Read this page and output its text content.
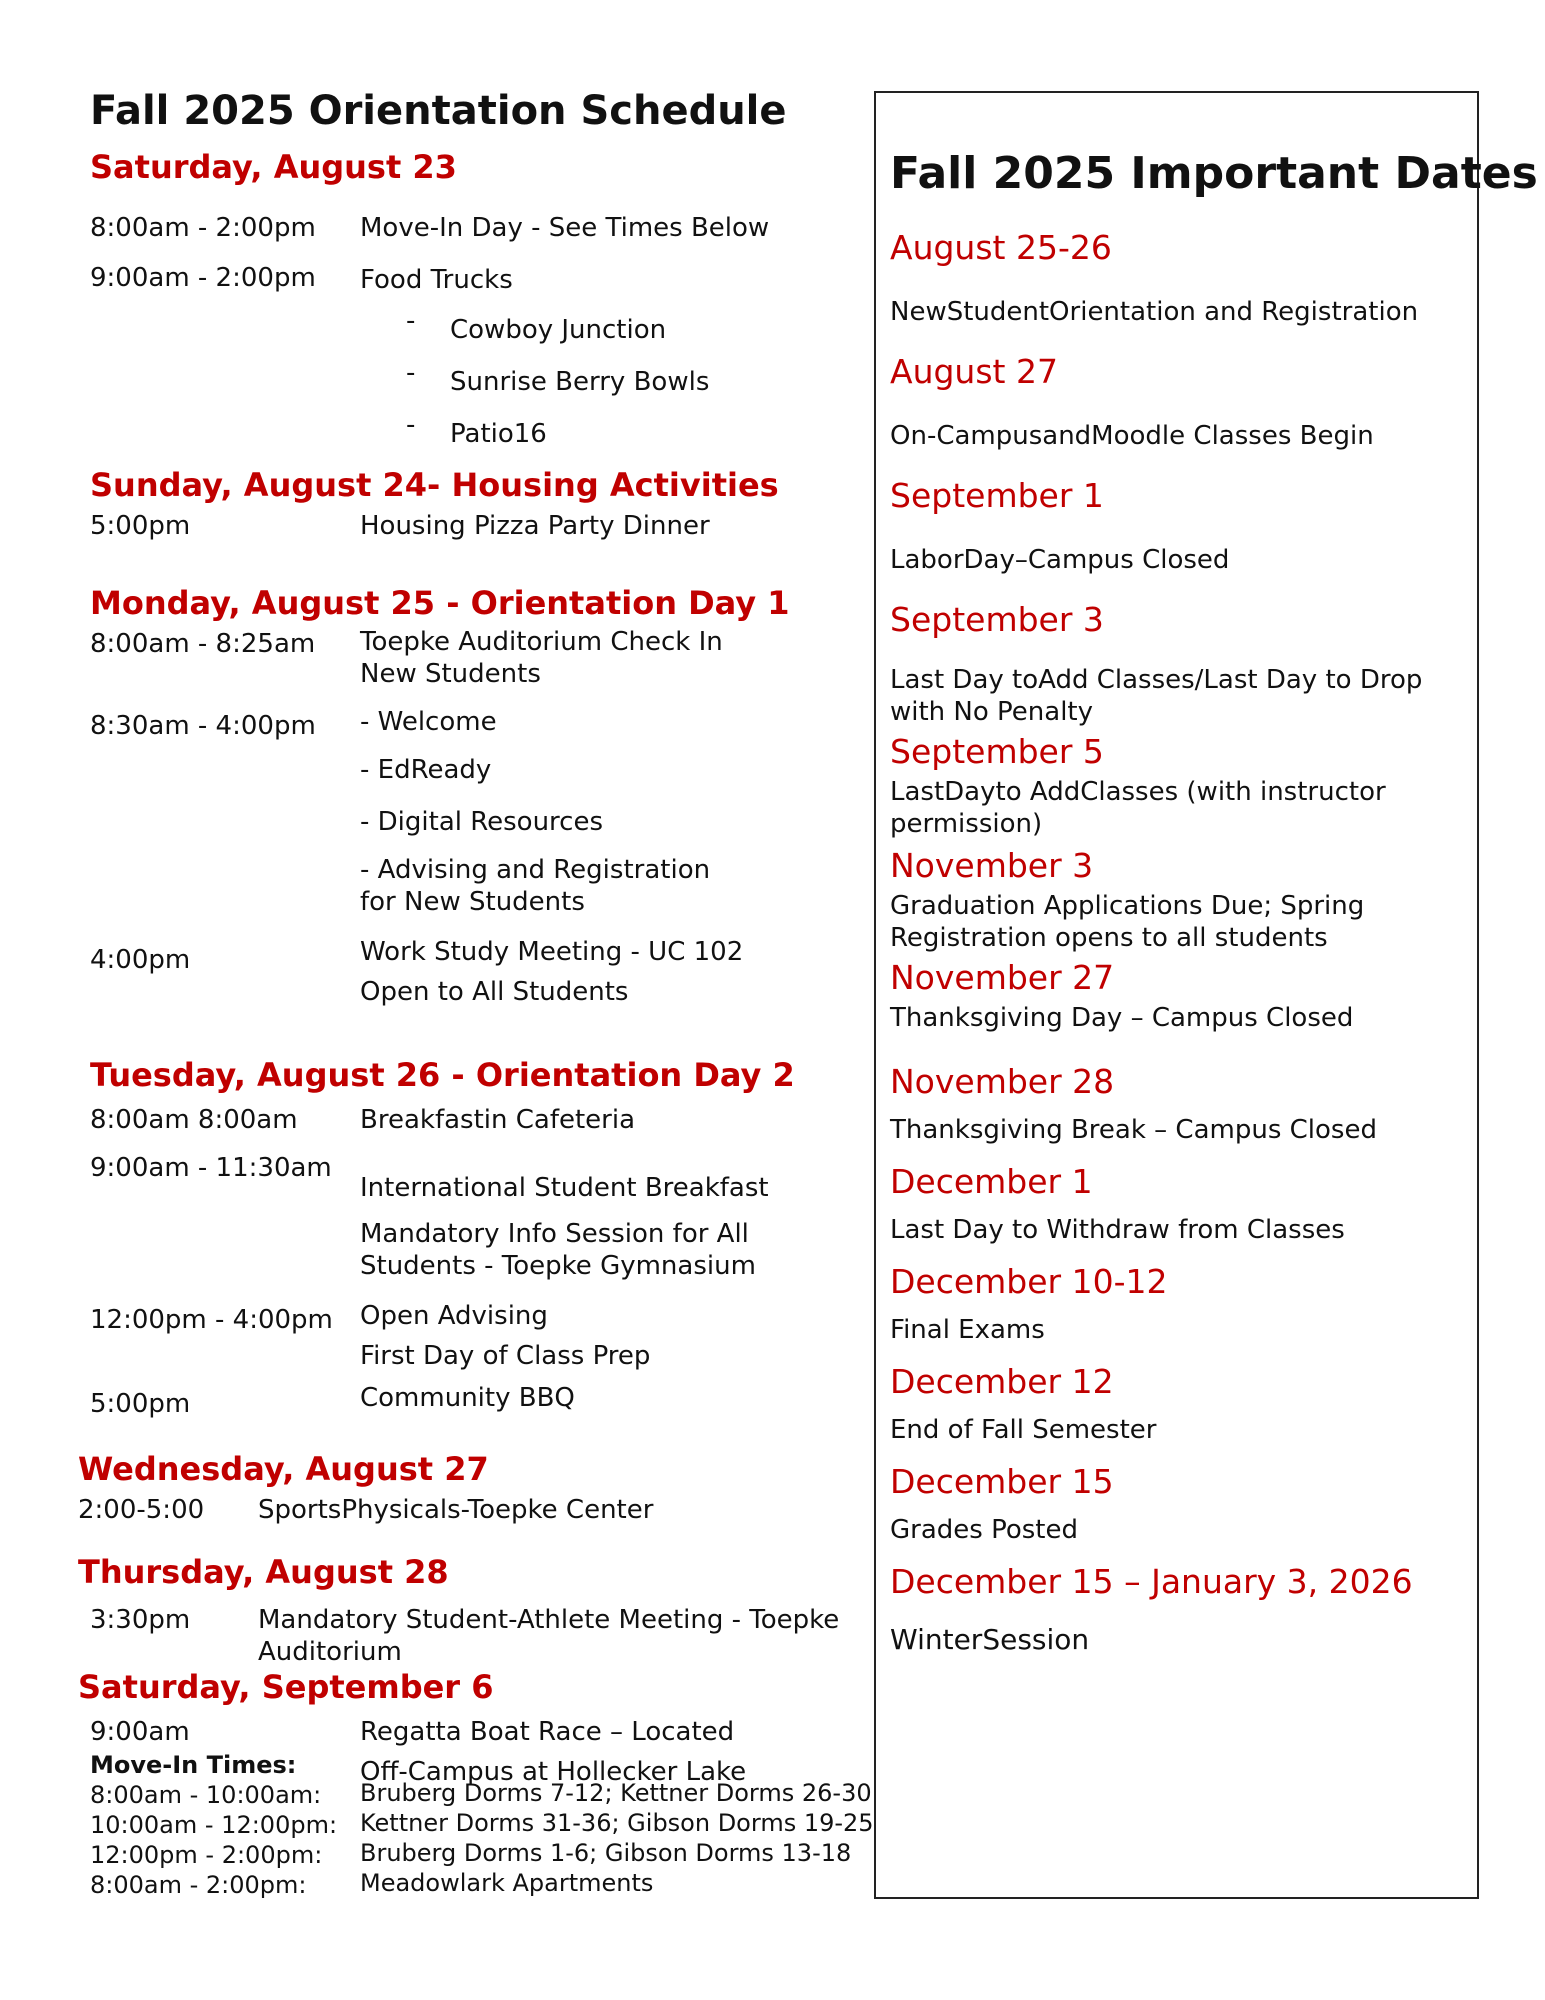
Fall 2025 Orientation Schedule
Saturday, August 23
8:00am - 2:00pm Move-In Day - See Times Below
9:00am - 2:00pm Food Trucks
- Cowboy Junction
- Sunrise Berry Bowls
- Patio16
Sunday, August 24- Housing Activities
5:00pm	Housing Pizza Party Dinner
Monday, August 25 - Orientation Day 1
8:00am - 8:25am Toepke Auditorium Check In
New Students
8:30am - 4:00pm - Welcome
- EdReady
- Digital Resources
- Advising and Registration
for New Students
4:00pm	Work Study Meeting - UC 102
Open to All Students
Tuesday, August 26 - Orientation Day 2
8:00am 8:00am Breakfastin Cafeteria
9:00am - 11:30am
International Student Breakfast
Mandatory Info Session for All
Students - Toepke Gymnasium
12:00pm - 4:00pm Open Advising
First Day of Class Prep
5:00pm	Community BBQ
Wednesday, August 27
2:00-5:00 SportsPhysicals-Toepke Center
Thursday, August 28
3:30pm	Mandatory Student-Athlete Meeting - Toepke
Auditorium
Saturday, September 6
9:00am	Regatta Boat Race – Located
Off-Campus at Hollecker Lake
Move-In Times:
8:00am - 10:00am: Bruberg Dorms 7-12; Kettner Dorms 26-30
10:00am - 12:00pm: Kettner Dorms 31-36; Gibson Dorms 19-25
12:00pm - 2:00pm: Bruberg Dorms 1-6; Gibson Dorms 13-18
8:00am - 2:00pm: Meadowlark Apartments
Fall 2025 Important Dates
August 25-26
NewStudentOrientation and Registration
August 27
On-CampusandMoodle Classes Begin
September 1
LaborDay–Campus Closed
September 3
Last Day toAdd Classes/Last Day to Drop with No Penalty
September 5
LastDayto AddClasses (with instructor permission)
November 3
Graduation Applications Due; Spring Registration opens to all students
November 27
Thanksgiving Day – Campus Closed
November 28
Thanksgiving Break – Campus Closed
December 1
Last Day to Withdraw from Classes
December 10-12
Final Exams
December 12
End of Fall Semester
December 15
Grades Posted
December 15 – January 3, 2026
WinterSession
